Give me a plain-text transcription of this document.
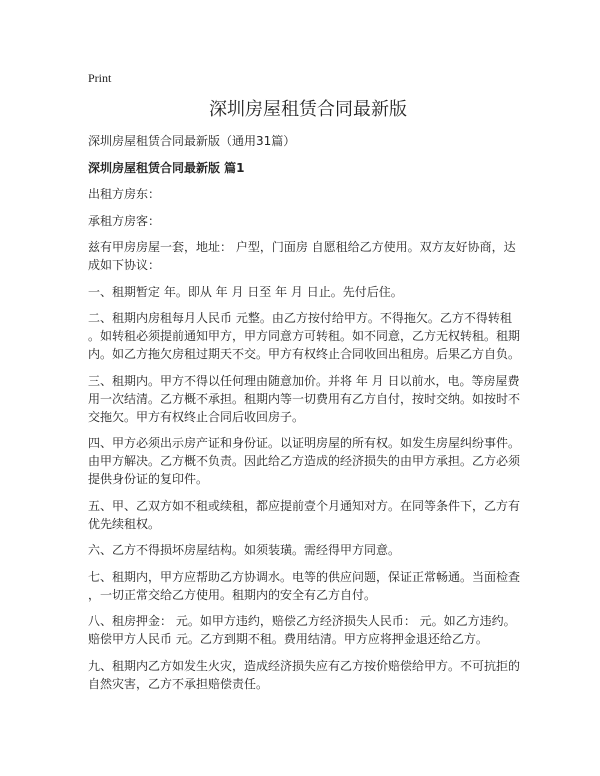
Print
深圳房屋租赁合同最新版

深圳房屋租赁合同最新版（通用31篇）

深圳房屋租赁合同最新版 篇1

出租方房东：

承租方房客：

兹有甲房房屋一套，地址： 户型，门面房 自愿租给乙方使用。双方友好协商，达
成如下协议：

一、租期暂定 年。即从 年 月 日至 年 月 日止。先付后住。

二、租期内房租每月人民币 元整。由乙方按付给甲方。不得拖欠。乙方不得转租
。如转租必须提前通知甲方，甲方同意方可转租。如不同意，乙方无权转租。租期
内。如乙方拖欠房租过期天不交。甲方有权终止合同收回出租房。后果乙方自负。

三、租期内。甲方不得以任何理由随意加价。并将 年 月 日以前水，电。等房屋费
用一次结清。乙方概不承担。租期内等一切费用有乙方自付，按时交纳。如按时不
交拖欠。甲方有权终止合同后收回房子。

四、甲方必须出示房产证和身份证。以证明房屋的所有权。如发生房屋纠纷事件。
由甲方解决。乙方概不负责。因此给乙方造成的经济损失的由甲方承担。乙方必须
提供身份证的复印件。

五、甲、乙双方如不租或续租，都应提前壹个月通知对方。在同等条件下，乙方有
优先续租权。

六、乙方不得损坏房屋结构。如须装璜。需经得甲方同意。

七、租期内，甲方应帮助乙方协调水。电等的供应问题，保证正常畅通。当面检查
，一切正常交给乙方使用。租期内的安全有乙方自付。

八、租房押金： 元。如甲方违约，赔偿乙方经济损失人民币： 元。如乙方违约。
赔偿甲方人民币 元。乙方到期不租。费用结清。甲方应将押金退还给乙方。

九、租期内乙方如发生火灾，造成经济损失应有乙方按价赔偿给甲方。不可抗拒的
自然灾害，乙方不承担赔偿责任。
